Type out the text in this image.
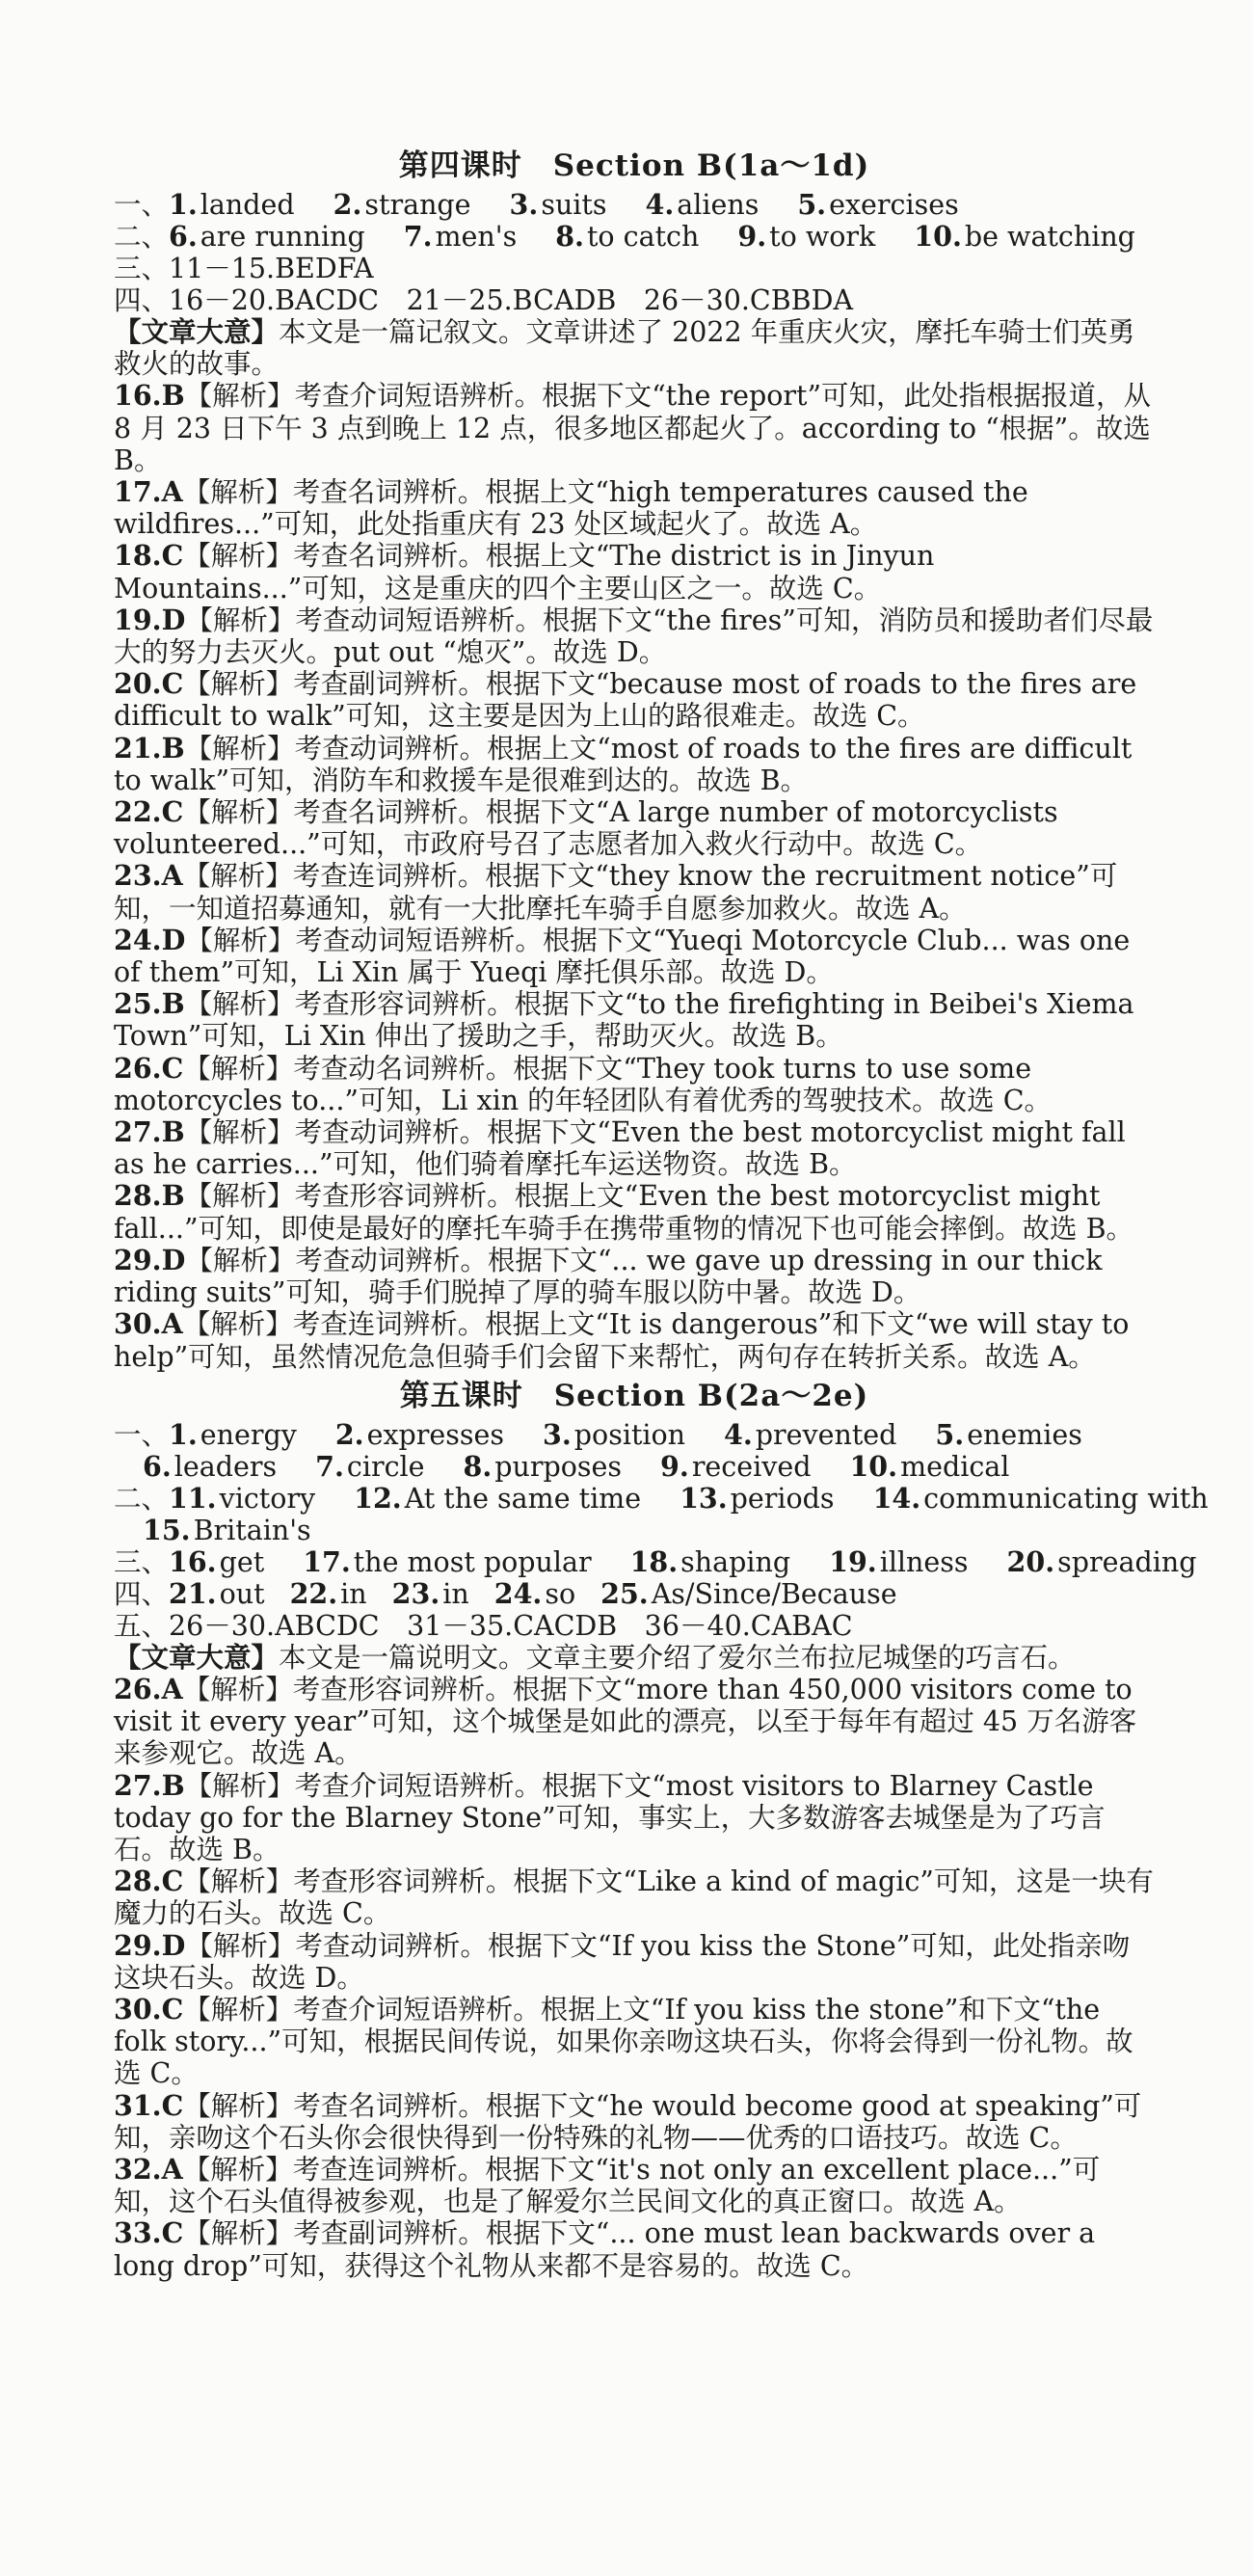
第四课时　Section B(1a～1d)
一、1. landed 2. strange 3. suits 4. aliens 5. exercises
二、6. are running 7. men's 8. to catch 9. to work 10. be watching
三、11－15.BEDFA
四、16－20.BACDC　21－25.BCADB　26－30.CBBDA

【文章大意】本文是一篇记叙文。文章讲述了 2022 年重庆火灾，摩托车骑士们英勇救火的故事。

16.B【解析】考查介词短语辨析。根据下文“the report”可知，此处指根据报道，从 8 月 23 日下午 3 点到晚上 12 点，很多地区都起火了。according to “根据”。故选 B。

17.A【解析】考查名词辨析。根据上文“high temperatures caused the wildfires...”可知，此处指重庆有 23 处区域起火了。故选 A。

18.C【解析】考查名词辨析。根据上文“The district is in Jinyun Mountains...”可知，这是重庆的四个主要山区之一。故选 C。

19.D【解析】考查动词短语辨析。根据下文“the fires”可知，消防员和援助者们尽最大的努力去灭火。put out “熄灭”。故选 D。

20.C【解析】考查副词辨析。根据下文“because most of roads to the fires are difficult to walk”可知，这主要是因为上山的路很难走。故选 C。

21.B【解析】考查动词辨析。根据上文“most of roads to the fires are difficult to walk”可知，消防车和救援车是很难到达的。故选 B。

22.C【解析】考查名词辨析。根据下文“A large number of motorcyclists volunteered...”可知，市政府号召了志愿者加入救火行动中。故选 C。

23.A【解析】考查连词辨析。根据下文“they know the recruitment notice”可知，一知道招募通知，就有一大批摩托车骑手自愿参加救火。故选 A。

24.D【解析】考查动词短语辨析。根据下文“Yueqi Motorcycle Club... was one of them”可知，Li Xin 属于 Yueqi 摩托俱乐部。故选 D。

25.B【解析】考查形容词辨析。根据下文“to the firefighting in Beibei's Xiema Town”可知，Li Xin 伸出了援助之手，帮助灭火。故选 B。

26.C【解析】考查动名词辨析。根据下文“They took turns to use some motorcycles to...”可知，Li xin 的年轻团队有着优秀的驾驶技术。故选 C。

27.B【解析】考查动词辨析。根据下文“Even the best motorcyclist might fall as he carries...”可知，他们骑着摩托车运送物资。故选 B。

28.B【解析】考查形容词辨析。根据上文“Even the best motorcyclist might fall...”可知，即使是最好的摩托车骑手在携带重物的情况下也可能会摔倒。故选 B。

29.D【解析】考查动词辨析。根据下文“... we gave up dressing in our thick riding suits”可知，骑手们脱掉了厚的骑车服以防中暑。故选 D。

30.A【解析】考查连词辨析。根据上文“It is dangerous”和下文“we will stay to help”可知，虽然情况危急但骑手们会留下来帮忙，两句存在转折关系。故选 A。

第五课时　Section B(2a～2e)
一、1. energy 2. expresses 3. position 4. prevented 5. enemies
6. leaders 7. circle 8. purposes 9. received 10. medical
二、11. victory 12. At the same time 13. periods 14. communicating with
15. Britain's
三、16. get 17. the most popular 18. shaping 19. illness 20. spreading
四、21. out 22. in 23. in 24. so 25. As/Since/Because
五、26－30.ABCDC　31－35.CACDB　36－40.CABAC

【文章大意】本文是一篇说明文。文章主要介绍了爱尔兰布拉尼城堡的巧言石。

26.A【解析】考查形容词辨析。根据下文“more than 450,000 visitors come to visit it every year”可知，这个城堡是如此的漂亮，以至于每年有超过 45 万名游客来参观它。故选 A。

27.B【解析】考查介词短语辨析。根据下文“most visitors to Blarney Castle today go for the Blarney Stone”可知，事实上，大多数游客去城堡是为了巧言石。故选 B。

28.C【解析】考查形容词辨析。根据下文“Like a kind of magic”可知，这是一块有魔力的石头。故选 C。

29.D【解析】考查动词辨析。根据下文“If you kiss the Stone”可知，此处指亲吻这块石头。故选 D。

30.C【解析】考查介词短语辨析。根据上文“If you kiss the stone”和下文“the folk story...”可知，根据民间传说，如果你亲吻这块石头，你将会得到一份礼物。故选 C。

31.C【解析】考查名词辨析。根据下文“he would become good at speaking”可知，亲吻这个石头你会很快得到一份特殊的礼物——优秀的口语技巧。故选 C。

32.A【解析】考查连词辨析。根据下文“it's not only an excellent place...”可知，这个石头值得被参观，也是了解爱尔兰民间文化的真正窗口。故选 A。

33.C【解析】考查副词辨析。根据下文“... one must lean backwards over a long drop”可知，获得这个礼物从来都不是容易的。故选 C。
